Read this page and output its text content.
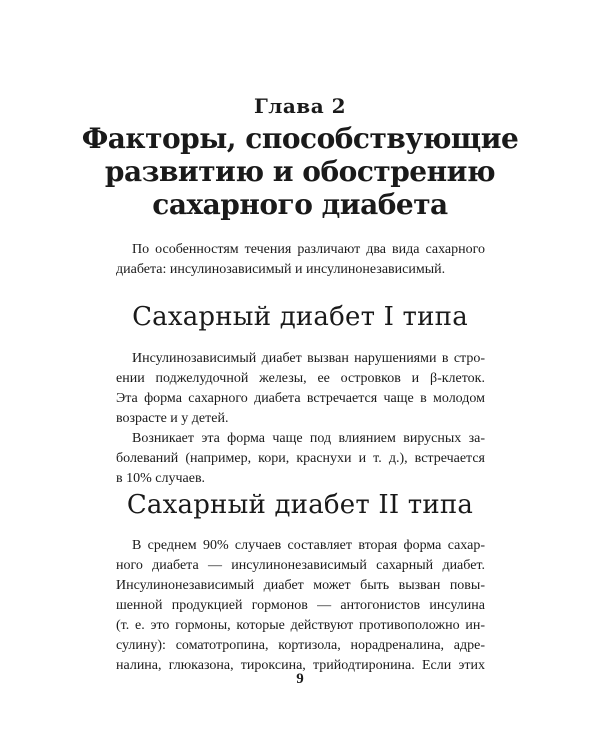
Глава 2
Факторы, способствующие
развитию и обострению
сахарного диабета

По особенностям течения различают два вида сахарного
диабета: инсулинозависимый и инсулинонезависимый.

Сахарный диабет I типа

Инсулинозависимый диабет вызван нарушениями в стро-
ении поджелудочной железы, ее островков и β-клеток.
Эта форма сахарного диабета встречается чаще в молодом
возрасте и у детей.

Возникает эта форма чаще под влиянием вирусных за-
болеваний (например, кори, краснухи и т. д.), встречается
в 10% случаев.

Сахарный диабет II типа

В среднем 90% случаев составляет вторая форма сахар-
ного диабета — инсулинонезависимый сахарный диабет.
Инсулинонезависимый диабет может быть вызван повы-
шенной продукцией гормонов — антогонистов инсулина
(т. е. это гормоны, которые действуют противоположно ин-
сулину): соматотропина, кортизола, норадреналина, адре-
налина, глюказона, тироксина, трийодтиронина. Если этих

9
